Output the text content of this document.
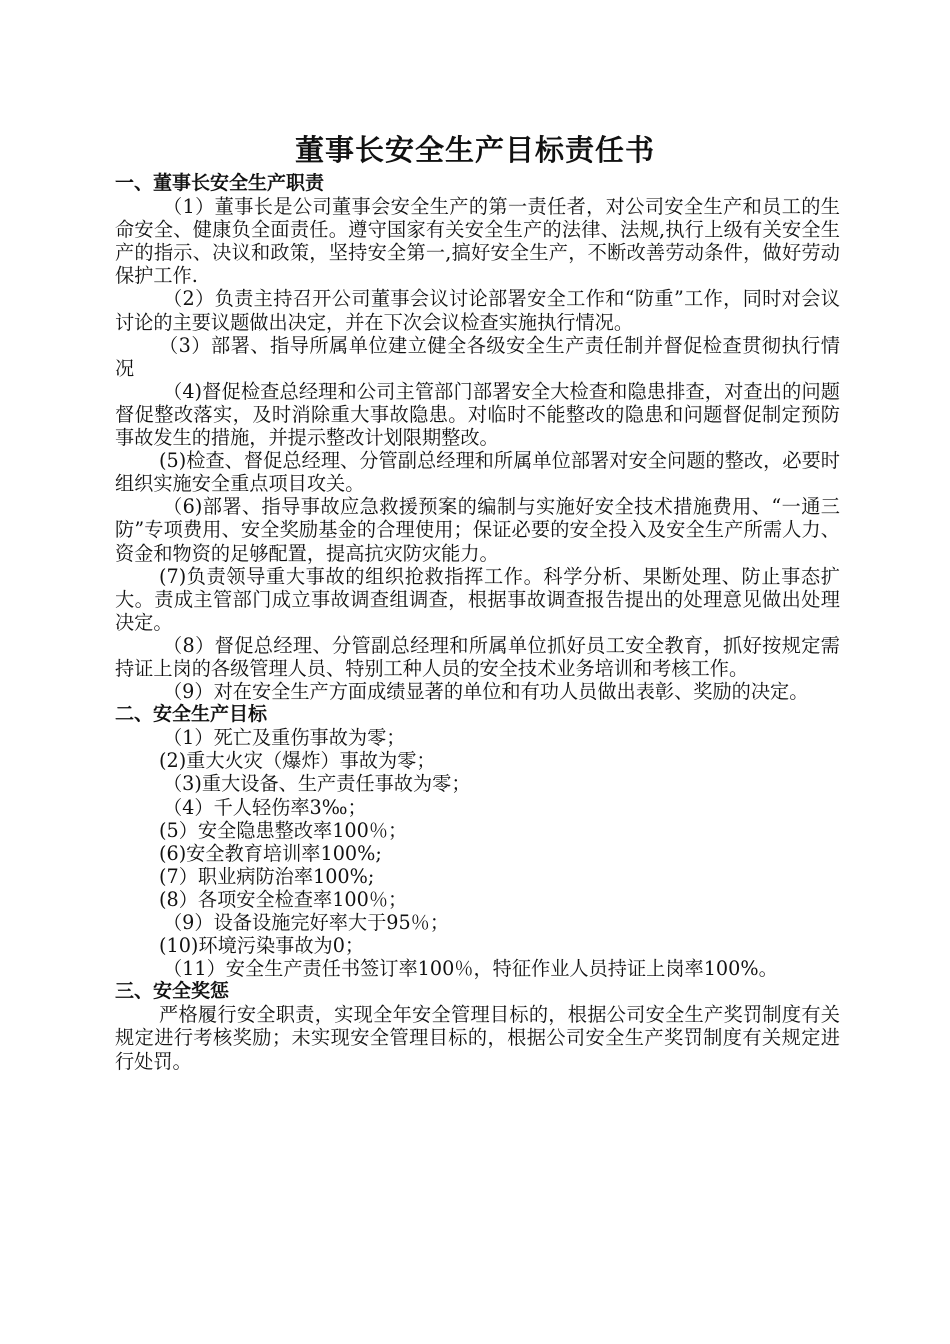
董事长安全生产目标责任书
一、董事长安全生产职责

（1）董事长是公司董事会安全生产的第一责任者，对公司安全生产和员工的生命安全、健康负全面责任。遵守国家有关安全生产的法律、法规,执行上级有关安全生产的指示、决议和政策，坚持安全第一,搞好安全生产，不断改善劳动条件，做好劳动保护工作.

（2）负责主持召开公司董事会议讨论部署安全工作和“防重”工作，同时对会议讨论的主要议题做出决定，并在下次会议检查实施执行情况。

（3）部署、指导所属单位建立健全各级安全生产责任制并督促检查贯彻执行情况

（4)督促检查总经理和公司主管部门部署安全大检查和隐患排查，对查出的问题督促整改落实，及时消除重大事故隐患。对临时不能整改的隐患和问题督促制定预防事故发生的措施，并提示整改计划限期整改。

(5)检查、督促总经理、分管副总经理和所属单位部署对安全问题的整改，必要时组织实施安全重点项目攻关。

（6)部署、指导事故应急救援预案的编制与实施好安全技术措施费用、“一通三防”专项费用、安全奖励基金的合理使用；保证必要的安全投入及安全生产所需人力、资金和物资的足够配置，提高抗灾防灾能力。

(7)负责领导重大事故的组织抢救指挥工作。科学分析、果断处理、防止事态扩大。责成主管部门成立事故调查组调查，根据事故调查报告提出的处理意见做出处理决定。

（8）督促总经理、分管副总经理和所属单位抓好员工安全教育，抓好按规定需持证上岗的各级管理人员、特别工种人员的安全技术业务培训和考核工作。

（9）对在安全生产方面成绩显著的单位和有功人员做出表彰、奖励的决定。

二、安全生产目标

（1）死亡及重伤事故为零；

(2)重大火灾（爆炸）事故为零；

（3)重大设备、生产责任事故为零；

（4）千人轻伤率3‰；

(5）安全隐患整改率100％；

(6)安全教育培训率100%;

(7）职业病防治率100%;

(8）各项安全检查率100％；

（9）设备设施完好率大于95％；

(10)环境污染事故为0；

（11）安全生产责任书签订率100％，特征作业人员持证上岗率100%。

三、安全奖惩

严格履行安全职责，实现全年安全管理目标的，根据公司安全生产奖罚制度有关规定进行考核奖励；未实现安全管理目标的，根据公司安全生产奖罚制度有关规定进行处罚。
